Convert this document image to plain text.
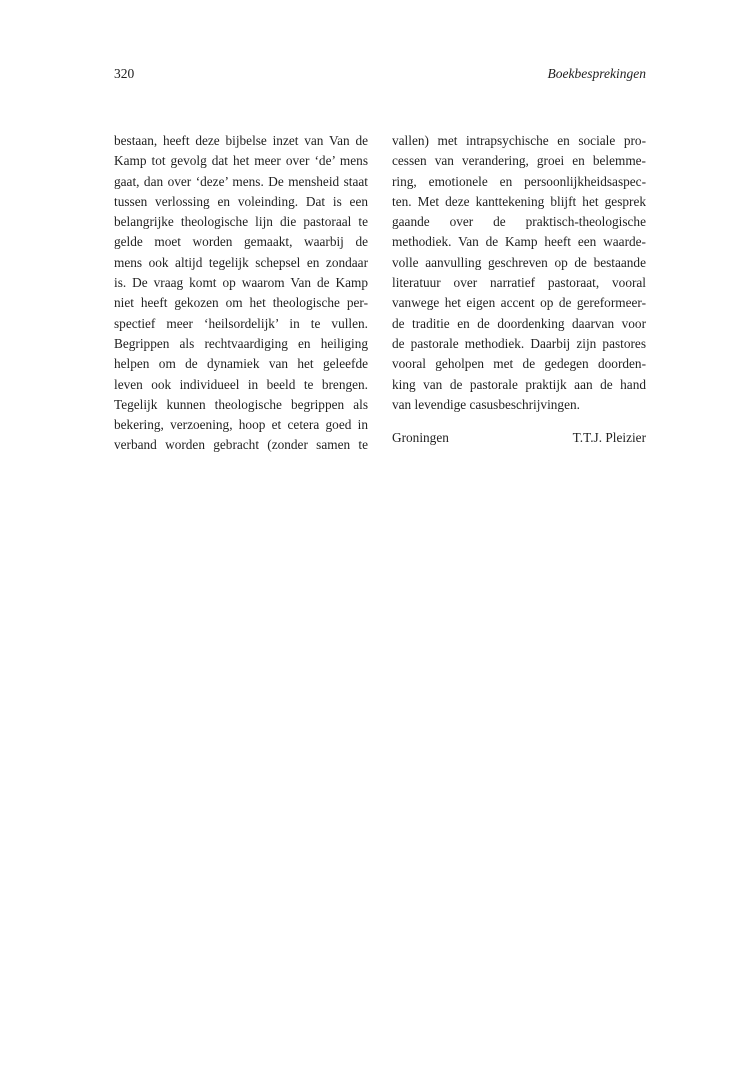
320	Boekbesprekingen
bestaan, heeft deze bijbelse inzet van Van de
Kamp tot gevolg dat het meer over ‘de’ mens
gaat, dan over ‘deze’ mens. De mensheid staat
tussen verlossing en voleinding. Dat is een
belangrijke theologische lijn die pastoraal te
gelde moet worden gemaakt, waarbij de
mens ook altijd tegelijk schepsel en zondaar
is. De vraag komt op waarom Van de Kamp
niet heeft gekozen om het theologische per-
spectief meer ‘heilsordelijk’ in te vullen.
Begrippen als rechtvaardiging en heiliging
helpen om de dynamiek van het geleefde
leven ook individueel in beeld te brengen.
Tegelijk kunnen theologische begrippen als
bekering, verzoening, hoop et cetera goed in
verband worden gebracht (zonder samen te
vallen) met intrapsychische en sociale pro-
cessen van verandering, groei en belemme-
ring, emotionele en persoonlijkheidsaspec-
ten. Met deze kanttekening blijft het gesprek
gaande over de praktisch-theologische
methodiek. Van de Kamp heeft een waarde-
volle aanvulling geschreven op de bestaande
literatuur over narratief pastoraat, vooral
vanwege het eigen accent op de gereformeer-
de traditie en de doordenking daarvan voor
de pastorale methodiek. Daarbij zijn pastores
vooral geholpen met de gedegen doorden-
king van de pastorale praktijk aan de hand
van levendige casusbeschrijvingen.
Groningen	T.T.J. Pleizier
